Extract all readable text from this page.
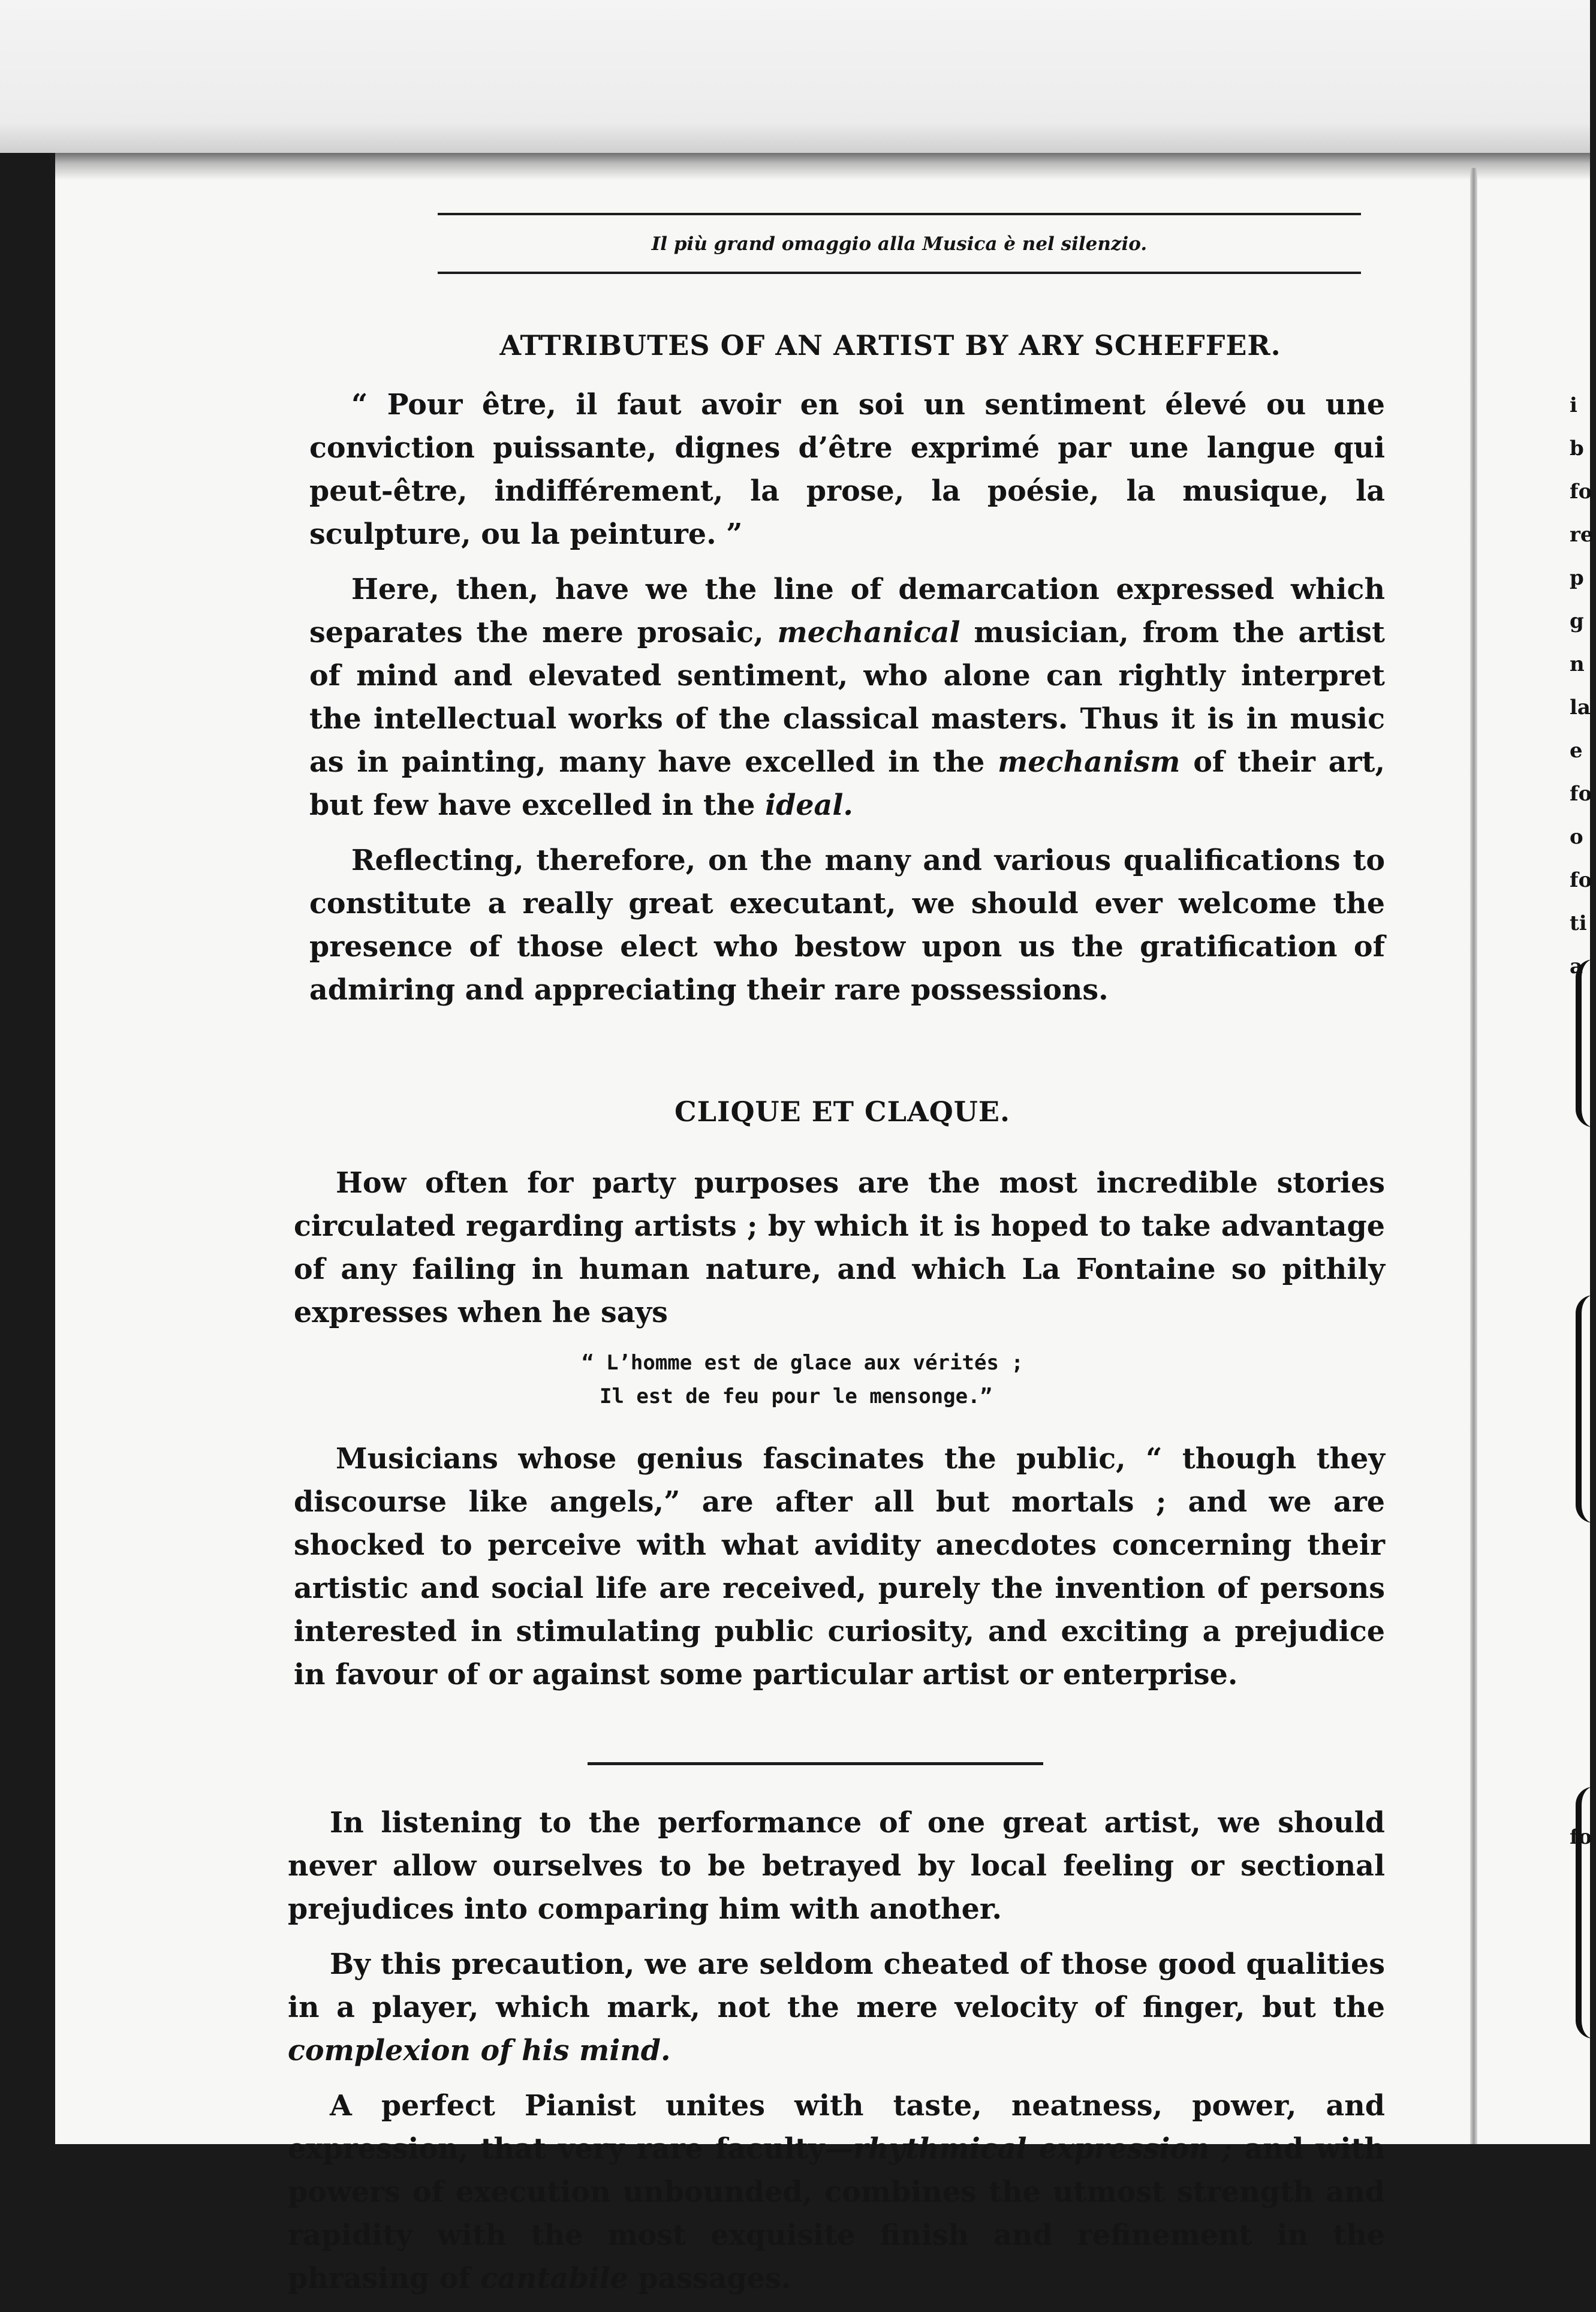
i
b
fo
re
p
g
n
la
e
fo
o
fo
ti
a
fo
Il più grand omaggio alla Musica è nel silenzio.
ATTRIBUTES OF AN ARTIST BY ARY SCHEFFER.

“ Pour être, il faut avoir en soi un sentiment élevé ou une conviction puissante, dignes d’être exprimé par une langue qui peut-être, indifférement, la prose, la poésie, la musique, la sculpture, ou la peinture. ”

Here, then, have we the line of demarcation expressed which separates the mere prosaic, mechanical musician, from the artist of mind and elevated sentiment, who alone can rightly interpret the intellectual works of the classical masters. Thus it is in music as in painting, many have excelled in the mechanism of their art, but few have excelled in the ideal.

Reflecting, therefore, on the many and various qualifications to constitute a really great executant, we should ever welcome the presence of those elect who bestow upon us the gratification of admiring and appreciating their rare possessions.

CLIQUE ET CLAQUE.

How often for party purposes are the most incredible stories circulated regarding artists ; by which it is hoped to take advantage of any failing in human nature, and which La Fontaine so pithily expresses when he says

“ L’homme est de glace aux vérités ;
Il est de feu pour le mensonge.”

Musicians whose genius fascinates the public, “ though they discourse like angels,” are after all but mortals ; and we are shocked to perceive with what avidity anecdotes concerning their artistic and social life are received, purely the invention of persons interested in stimulating public curiosity, and exciting a prejudice in favour of or against some particular artist or enterprise.

In listening to the performance of one great artist, we should never allow ourselves to be betrayed by local feeling or sectional prejudices into comparing him with another.

By this precaution, we are seldom cheated of those good qualities in a player, which mark, not the mere velocity of finger, but the complexion of his mind.

A perfect Pianist unites with taste, neatness, power, and expression, that very rare faculty—rhythmical expression ; and with powers of execution unbounded, combines the utmost strength and rapidity with the most exquisite finish and refinement in the phrasing of cantabile passages.
